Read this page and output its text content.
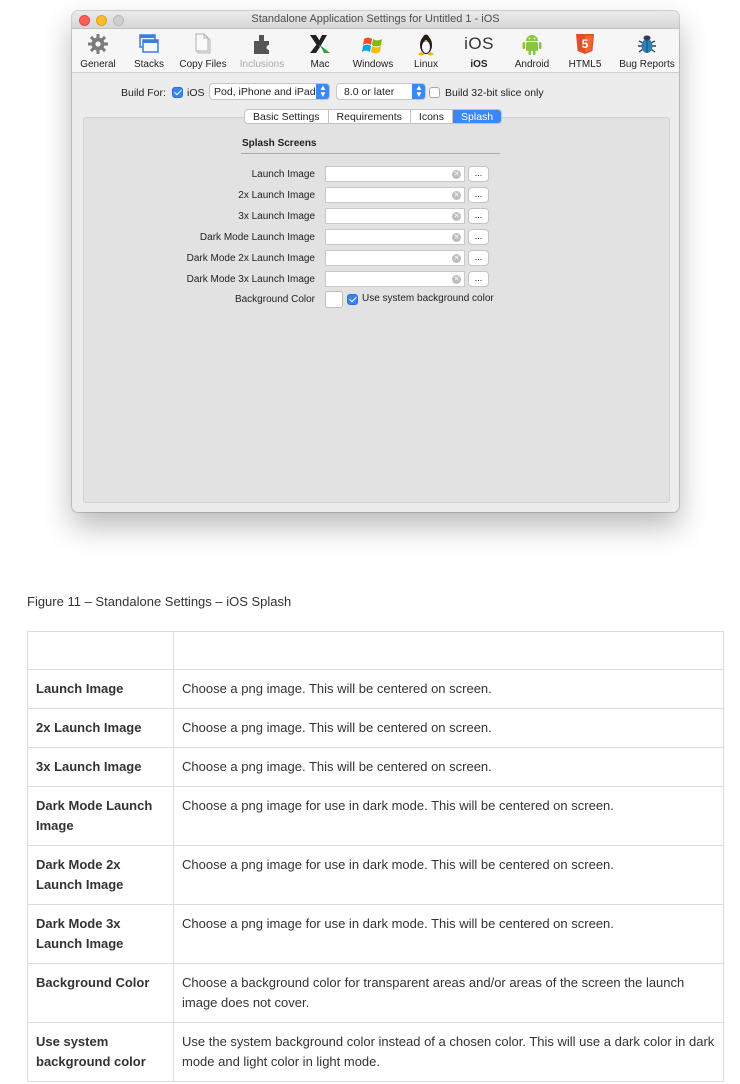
Standalone Application Settings for Untitled 1 - iOS
General	Stacks	Copy Files	Inclusions	Mac	Windows	Linux
iOS
iOS	Android
5
HTML5	Bug Reports
Build For: iOS Pod, iPhone and iPad ▲
▼	8.0 or later	▲
▼ Build 32-bit slice only
Splash Screens
Launch Image	✕	...
2x Launch Image	✕	...
3x Launch Image	✕	...
Dark Mode Launch Image	✕	...
Dark Mode 2x Launch Image	✕	...
Dark Mode 3x Launch Image	✕	...
Background Color	Use system background color
Basic Settings	Requirements	Icons	Splash
Figure 11 – Standalone Settings – iOS Splash

Launch Image	Choose a png image. This will be centered on screen.
2x Launch Image	Choose a png image. This will be centered on screen.
3x Launch Image	Choose a png image. This will be centered on screen.
Dark Mode Launch Image	Choose a png image for use in dark mode. This will be centered on screen.
Dark Mode 2x Launch Image	Choose a png image for use in dark mode. This will be centered on screen.
Dark Mode 3x Launch Image	Choose a png image for use in dark mode. This will be centered on screen.
Background Color	Choose a background color for transparent areas and/or areas of the screen the launch image does not cover.
Use system background color	Use the system background color instead of a chosen color. This will use a dark color in dark mode and light color in light mode.
